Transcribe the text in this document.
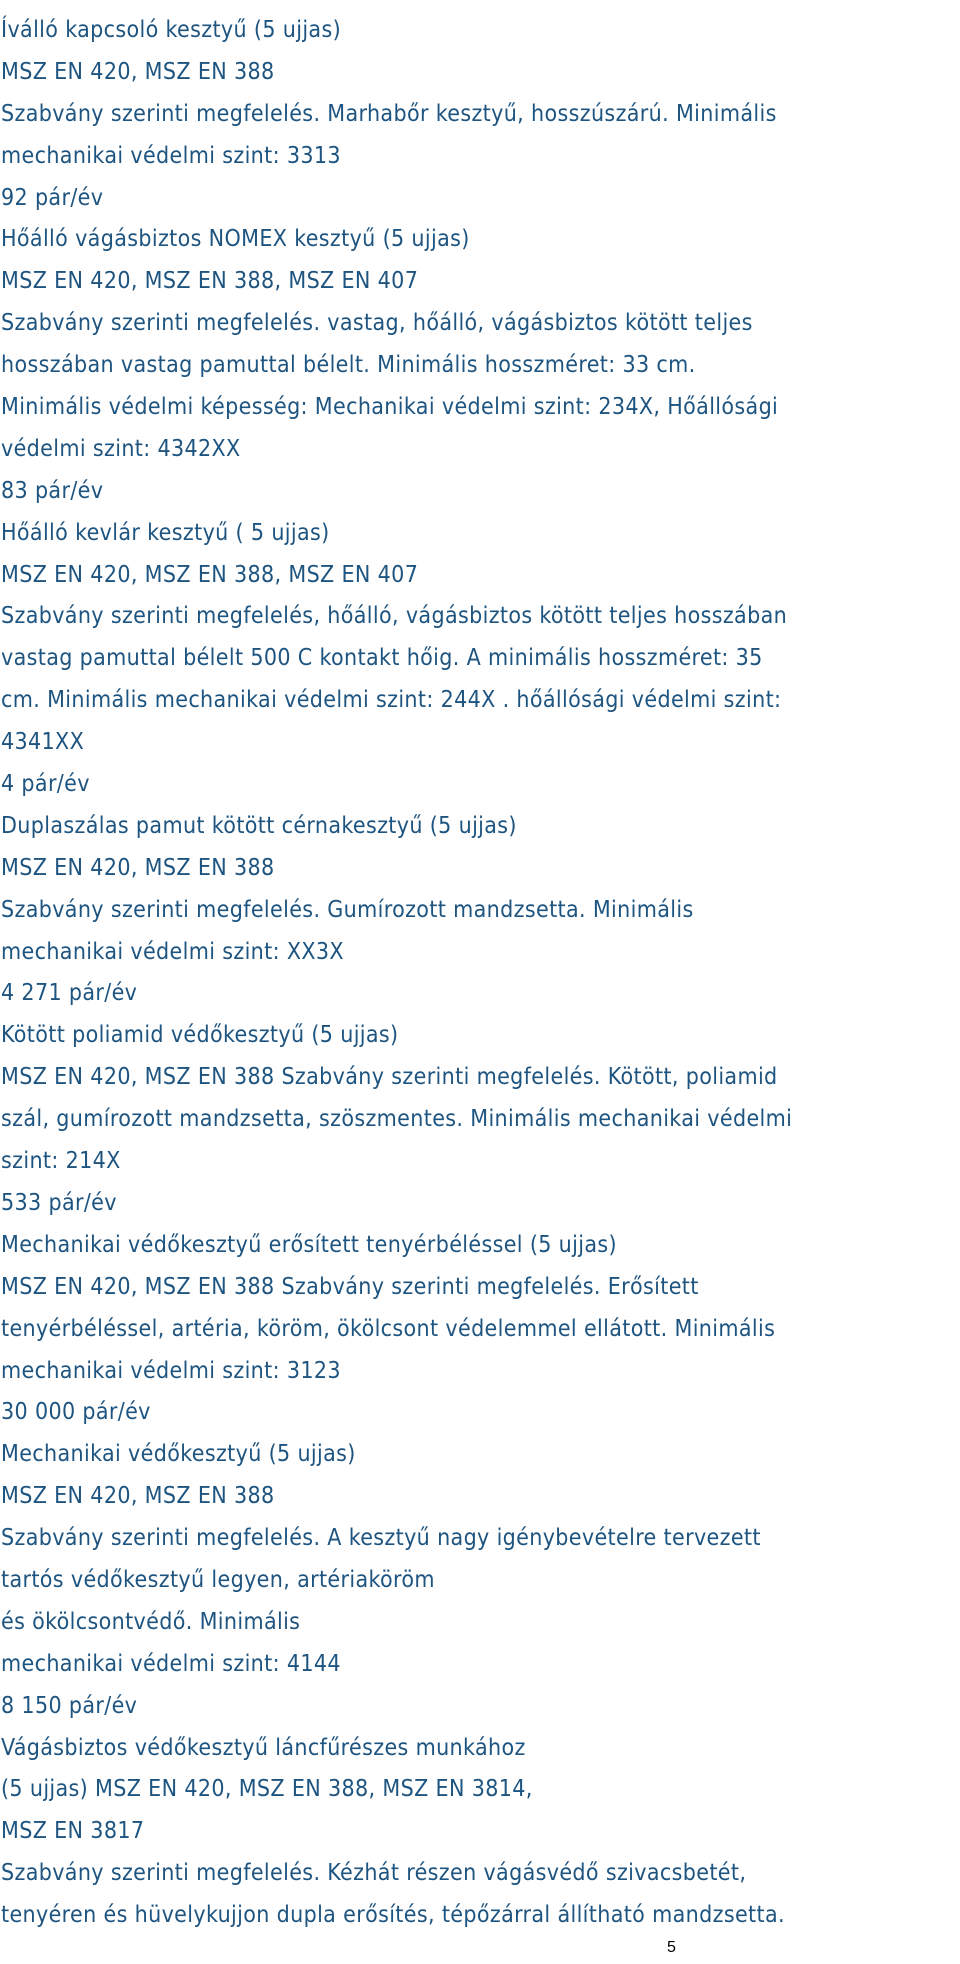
Íválló kapcsoló kesztyű (5 ujjas)
MSZ EN 420, MSZ EN 388
Szabvány szerinti megfelelés. Marhabőr kesztyű, hosszúszárú. Minimális
mechanikai védelmi szint: 3313
92 pár/év
Hőálló vágásbiztos NOMEX kesztyű (5 ujjas)
MSZ EN 420, MSZ EN 388, MSZ EN 407
Szabvány szerinti megfelelés. vastag, hőálló, vágásbiztos kötött teljes
hosszában vastag pamuttal bélelt. Minimális hosszméret: 33 cm.
Minimális védelmi képesség: Mechanikai védelmi szint: 234X, Hőállósági
védelmi szint: 4342XX
83 pár/év
Hőálló kevlár kesztyű ( 5 ujjas)
MSZ EN 420, MSZ EN 388, MSZ EN 407
Szabvány szerinti megfelelés, hőálló, vágásbiztos kötött teljes hosszában
vastag pamuttal bélelt 500 C kontakt hőig. A minimális hosszméret: 35
cm. Minimális mechanikai védelmi szint: 244X . hőállósági védelmi szint:
4341XX
4 pár/év
Duplaszálas pamut kötött cérnakesztyű (5 ujjas)
MSZ EN 420, MSZ EN 388
Szabvány szerinti megfelelés. Gumírozott mandzsetta. Minimális
mechanikai védelmi szint: XX3X
4 271 pár/év
Kötött poliamid védőkesztyű (5 ujjas)
MSZ EN 420, MSZ EN 388 Szabvány szerinti megfelelés. Kötött, poliamid
szál, gumírozott mandzsetta, szöszmentes. Minimális mechanikai védelmi
szint: 214X
533 pár/év
Mechanikai védőkesztyű erősített tenyérbéléssel (5 ujjas)
MSZ EN 420, MSZ EN 388 Szabvány szerinti megfelelés. Erősített
tenyérbéléssel, artéria, köröm, ökölcsont védelemmel ellátott. Minimális
mechanikai védelmi szint: 3123
30 000 pár/év
Mechanikai védőkesztyű (5 ujjas)
MSZ EN 420, MSZ EN 388
Szabvány szerinti megfelelés. A kesztyű nagy igénybevételre tervezett
tartós védőkesztyű legyen, artériaköröm
és ökölcsontvédő. Minimális
mechanikai védelmi szint: 4144
8 150 pár/év
Vágásbiztos védőkesztyű láncfűrészes munkához
(5 ujjas) MSZ EN 420, MSZ EN 388, MSZ EN 3814,
MSZ EN 3817
Szabvány szerinti megfelelés. Kézhát részen vágásvédő szivacsbetét,
tenyéren és hüvelykujjon dupla erősítés, tépőzárral állítható mandzsetta.
5
